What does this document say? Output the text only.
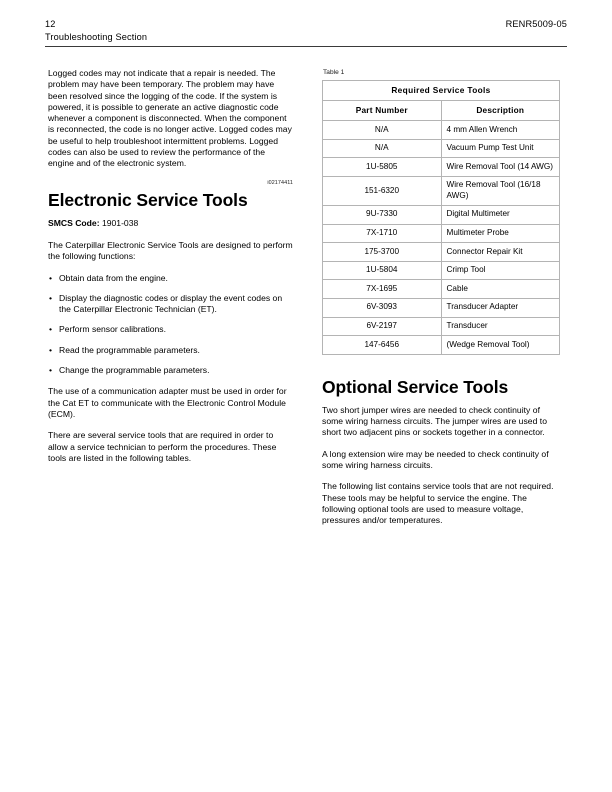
12	RENR5009-05
Troubleshooting Section

Logged codes may not indicate that a repair is needed. The problem may have been temporary. The problem may have been resolved since the logging of the code. If the system is powered, it is possible to generate an active diagnostic code whenever a component is disconnected. When the component is reconnected, the code is no longer active. Logged codes may be useful to help troubleshoot intermittent problems. Logged codes can also be used to review the performance of the engine and of the electronic system.

i02174411

Electronic Service Tools

SMCS Code: 1901-038

The Caterpillar Electronic Service Tools are designed to perform the following functions:

• Obtain data from the engine.
• Display the diagnostic codes or display the event codes on the Caterpillar Electronic Technician (ET).
• Perform sensor calibrations.
• Read the programmable parameters.
• Change the programmable parameters.

The use of a communication adapter must be used in order for the Cat ET to communicate with the Electronic Control Module (ECM).

There are several service tools that are required in order to allow a service technician to perform the procedures. These tools are listed in the following tables.

Table 1
Required Service Tools	
Part Number	Description
N/A	4 mm Allen Wrench
N/A	Vacuum Pump Test Unit
1U-5805	Wire Removal Tool (14 AWG)
151-6320	Wire Removal Tool (16/18 AWG)
9U-7330	Digital Multimeter
7X-1710	Multimeter Probe
175-3700	Connector Repair Kit
1U-5804	Crimp Tool
7X-1695	Cable
6V-3093	Transducer Adapter
6V-2197	Transducer
147-6456	(Wedge Removal Tool)
Optional Service Tools

Two short jumper wires are needed to check continuity of some wiring harness circuits. The jumper wires are used to short two adjacent pins or sockets together in a connector.

A long extension wire may be needed to check continuity of some wiring harness circuits.

The following list contains service tools that are not required. These tools may be helpful to service the engine. The following optional tools are used to measure voltage, pressures and/or temperatures.
